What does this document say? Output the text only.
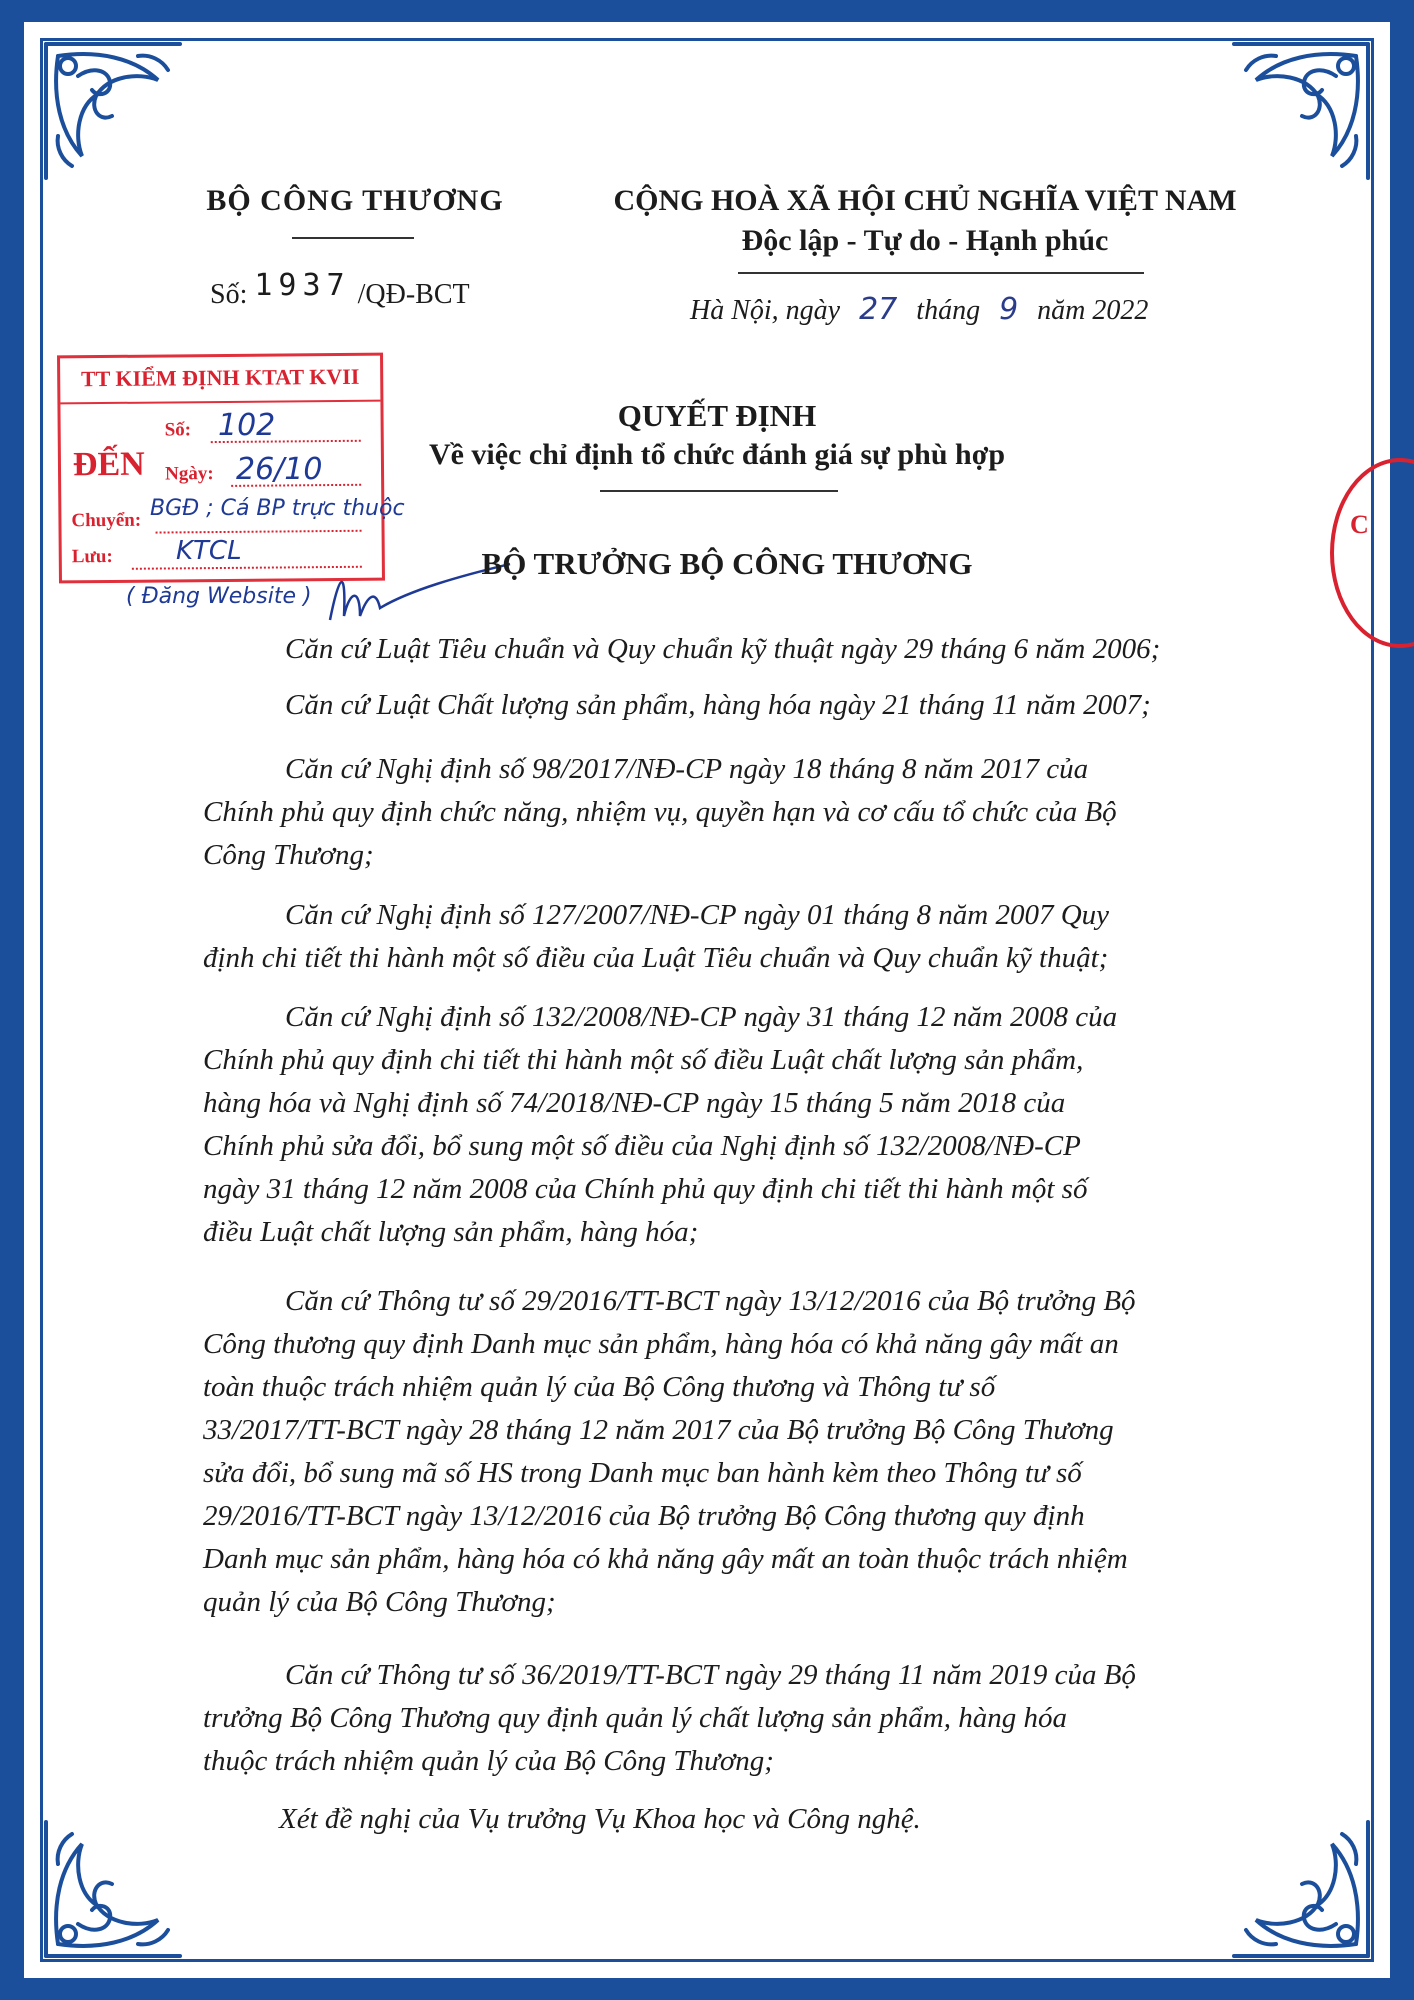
BỘ CÔNG THƯƠNG	CỘNG HOÀ XÃ HỘI CHỦ NGHĨA VIỆT NAM
Độc lập - Tự do - Hạnh phúc
Số: 1937 /QĐ-BCT
Hà Nội, ngày 27 tháng 9 năm 2022
TT KIỂM ĐỊNH KTAT KVII
ĐẾN
Số:
Ngày:
Chuyển:
Lưu:
102
26/10
BGĐ ; Cá BP trực thuộc
KTCL
( Đăng Website )
C
QUYẾT ĐỊNH
Về việc chỉ định tổ chức đánh giá sự phù hợp
BỘ TRƯỞNG BỘ CÔNG THƯƠNG
Căn cứ Luật Tiêu chuẩn và Quy chuẩn kỹ thuật ngày 29 tháng 6 năm 2006;
Căn cứ Luật Chất lượng sản phẩm, hàng hóa ngày 21 tháng 11 năm 2007;
Căn cứ Nghị định số 98/2017/NĐ-CP ngày 18 tháng 8 năm 2017 của
Chính phủ quy định chức năng, nhiệm vụ, quyền hạn và cơ cấu tổ chức của Bộ
Công Thương;
Căn cứ Nghị định số 127/2007/NĐ-CP ngày 01 tháng 8 năm 2007 Quy
định chi tiết thi hành một số điều của Luật Tiêu chuẩn và Quy chuẩn kỹ thuật;
Căn cứ Nghị định số 132/2008/NĐ-CP ngày 31 tháng 12 năm 2008 của
Chính phủ quy định chi tiết thi hành một số điều Luật chất lượng sản phẩm,
hàng hóa và Nghị định số 74/2018/NĐ-CP ngày 15 tháng 5 năm 2018 của
Chính phủ sửa đổi, bổ sung một số điều của Nghị định số 132/2008/NĐ-CP
ngày 31 tháng 12 năm 2008 của Chính phủ quy định chi tiết thi hành một số
điều Luật chất lượng sản phẩm, hàng hóa;
Căn cứ Thông tư số 29/2016/TT-BCT ngày 13/12/2016 của Bộ trưởng Bộ
Công thương quy định Danh mục sản phẩm, hàng hóa có khả năng gây mất an
toàn thuộc trách nhiệm quản lý của Bộ Công thương và Thông tư số
33/2017/TT-BCT ngày 28 tháng 12 năm 2017 của Bộ trưởng Bộ Công Thương
sửa đổi, bổ sung mã số HS trong Danh mục ban hành kèm theo Thông tư số
29/2016/TT-BCT ngày 13/12/2016 của Bộ trưởng Bộ Công thương quy định
Danh mục sản phẩm, hàng hóa có khả năng gây mất an toàn thuộc trách nhiệm
quản lý của Bộ Công Thương;
Căn cứ Thông tư số 36/2019/TT-BCT ngày 29 tháng 11 năm 2019 của Bộ
trưởng Bộ Công Thương quy định quản lý chất lượng sản phẩm, hàng hóa
thuộc trách nhiệm quản lý của Bộ Công Thương;
Xét đề nghị của Vụ trưởng Vụ Khoa học và Công nghệ.
